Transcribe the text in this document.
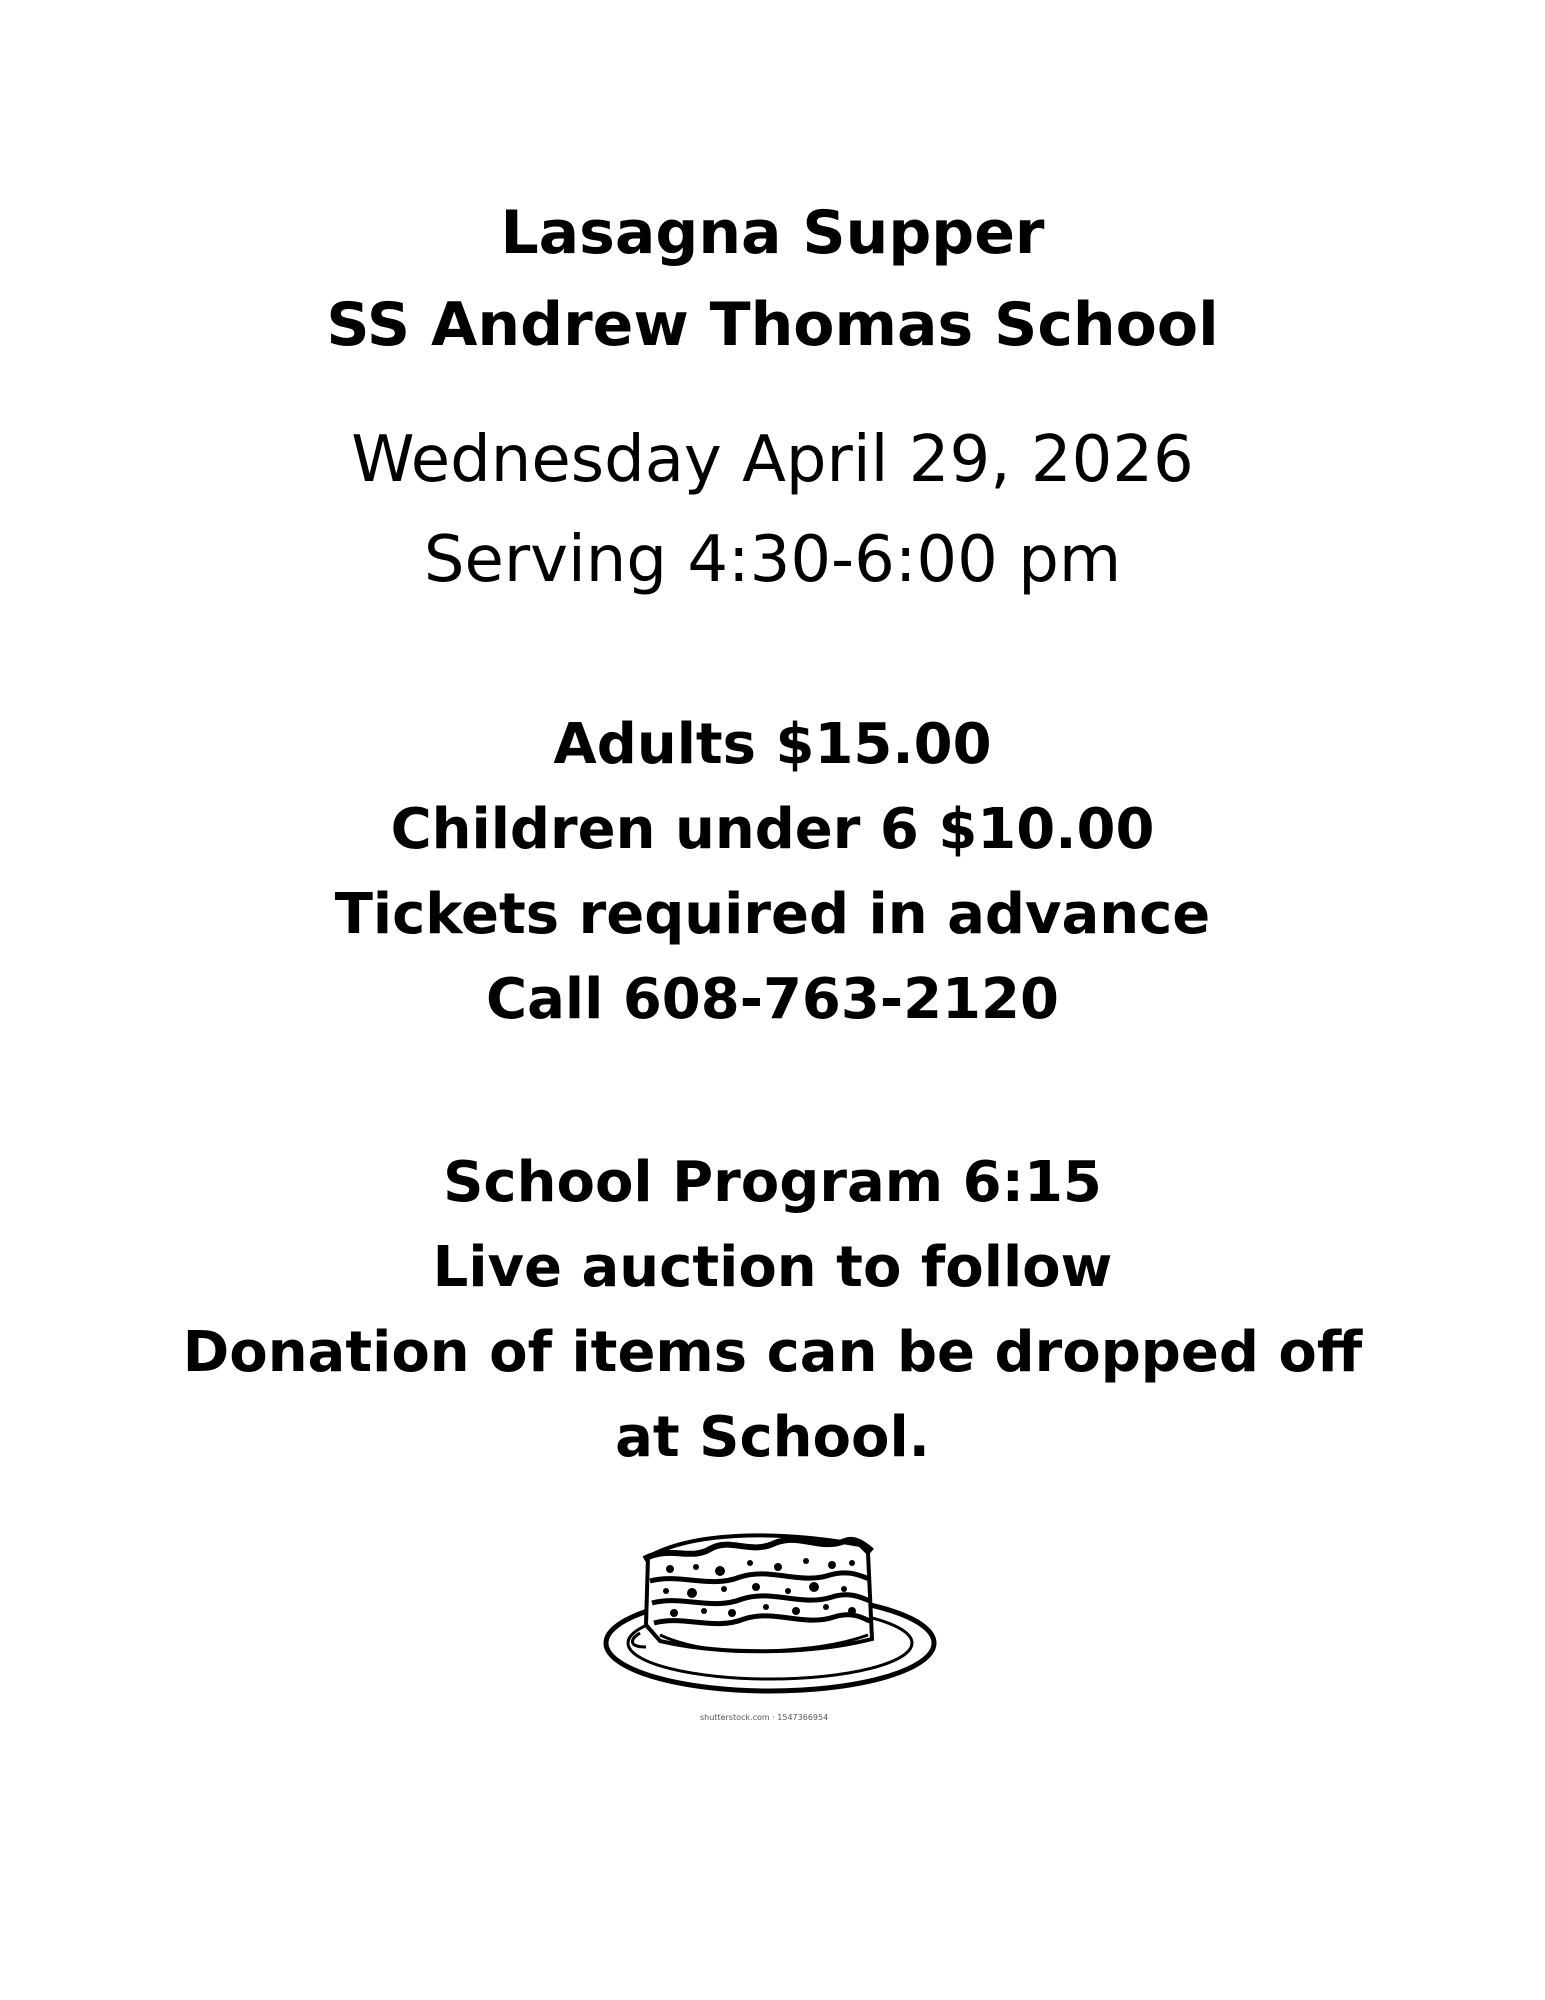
Lasagna Supper
SS Andrew Thomas School
Wednesday April 29, 2026
Serving 4:30-6:00 pm
Adults $15.00
Children under 6 $10.00
Tickets required in advance
Call 608-763-2120
School Program 6:15
Live auction to follow
Donation of items can be dropped off
at School.
shutterstock.com · 1547366954
